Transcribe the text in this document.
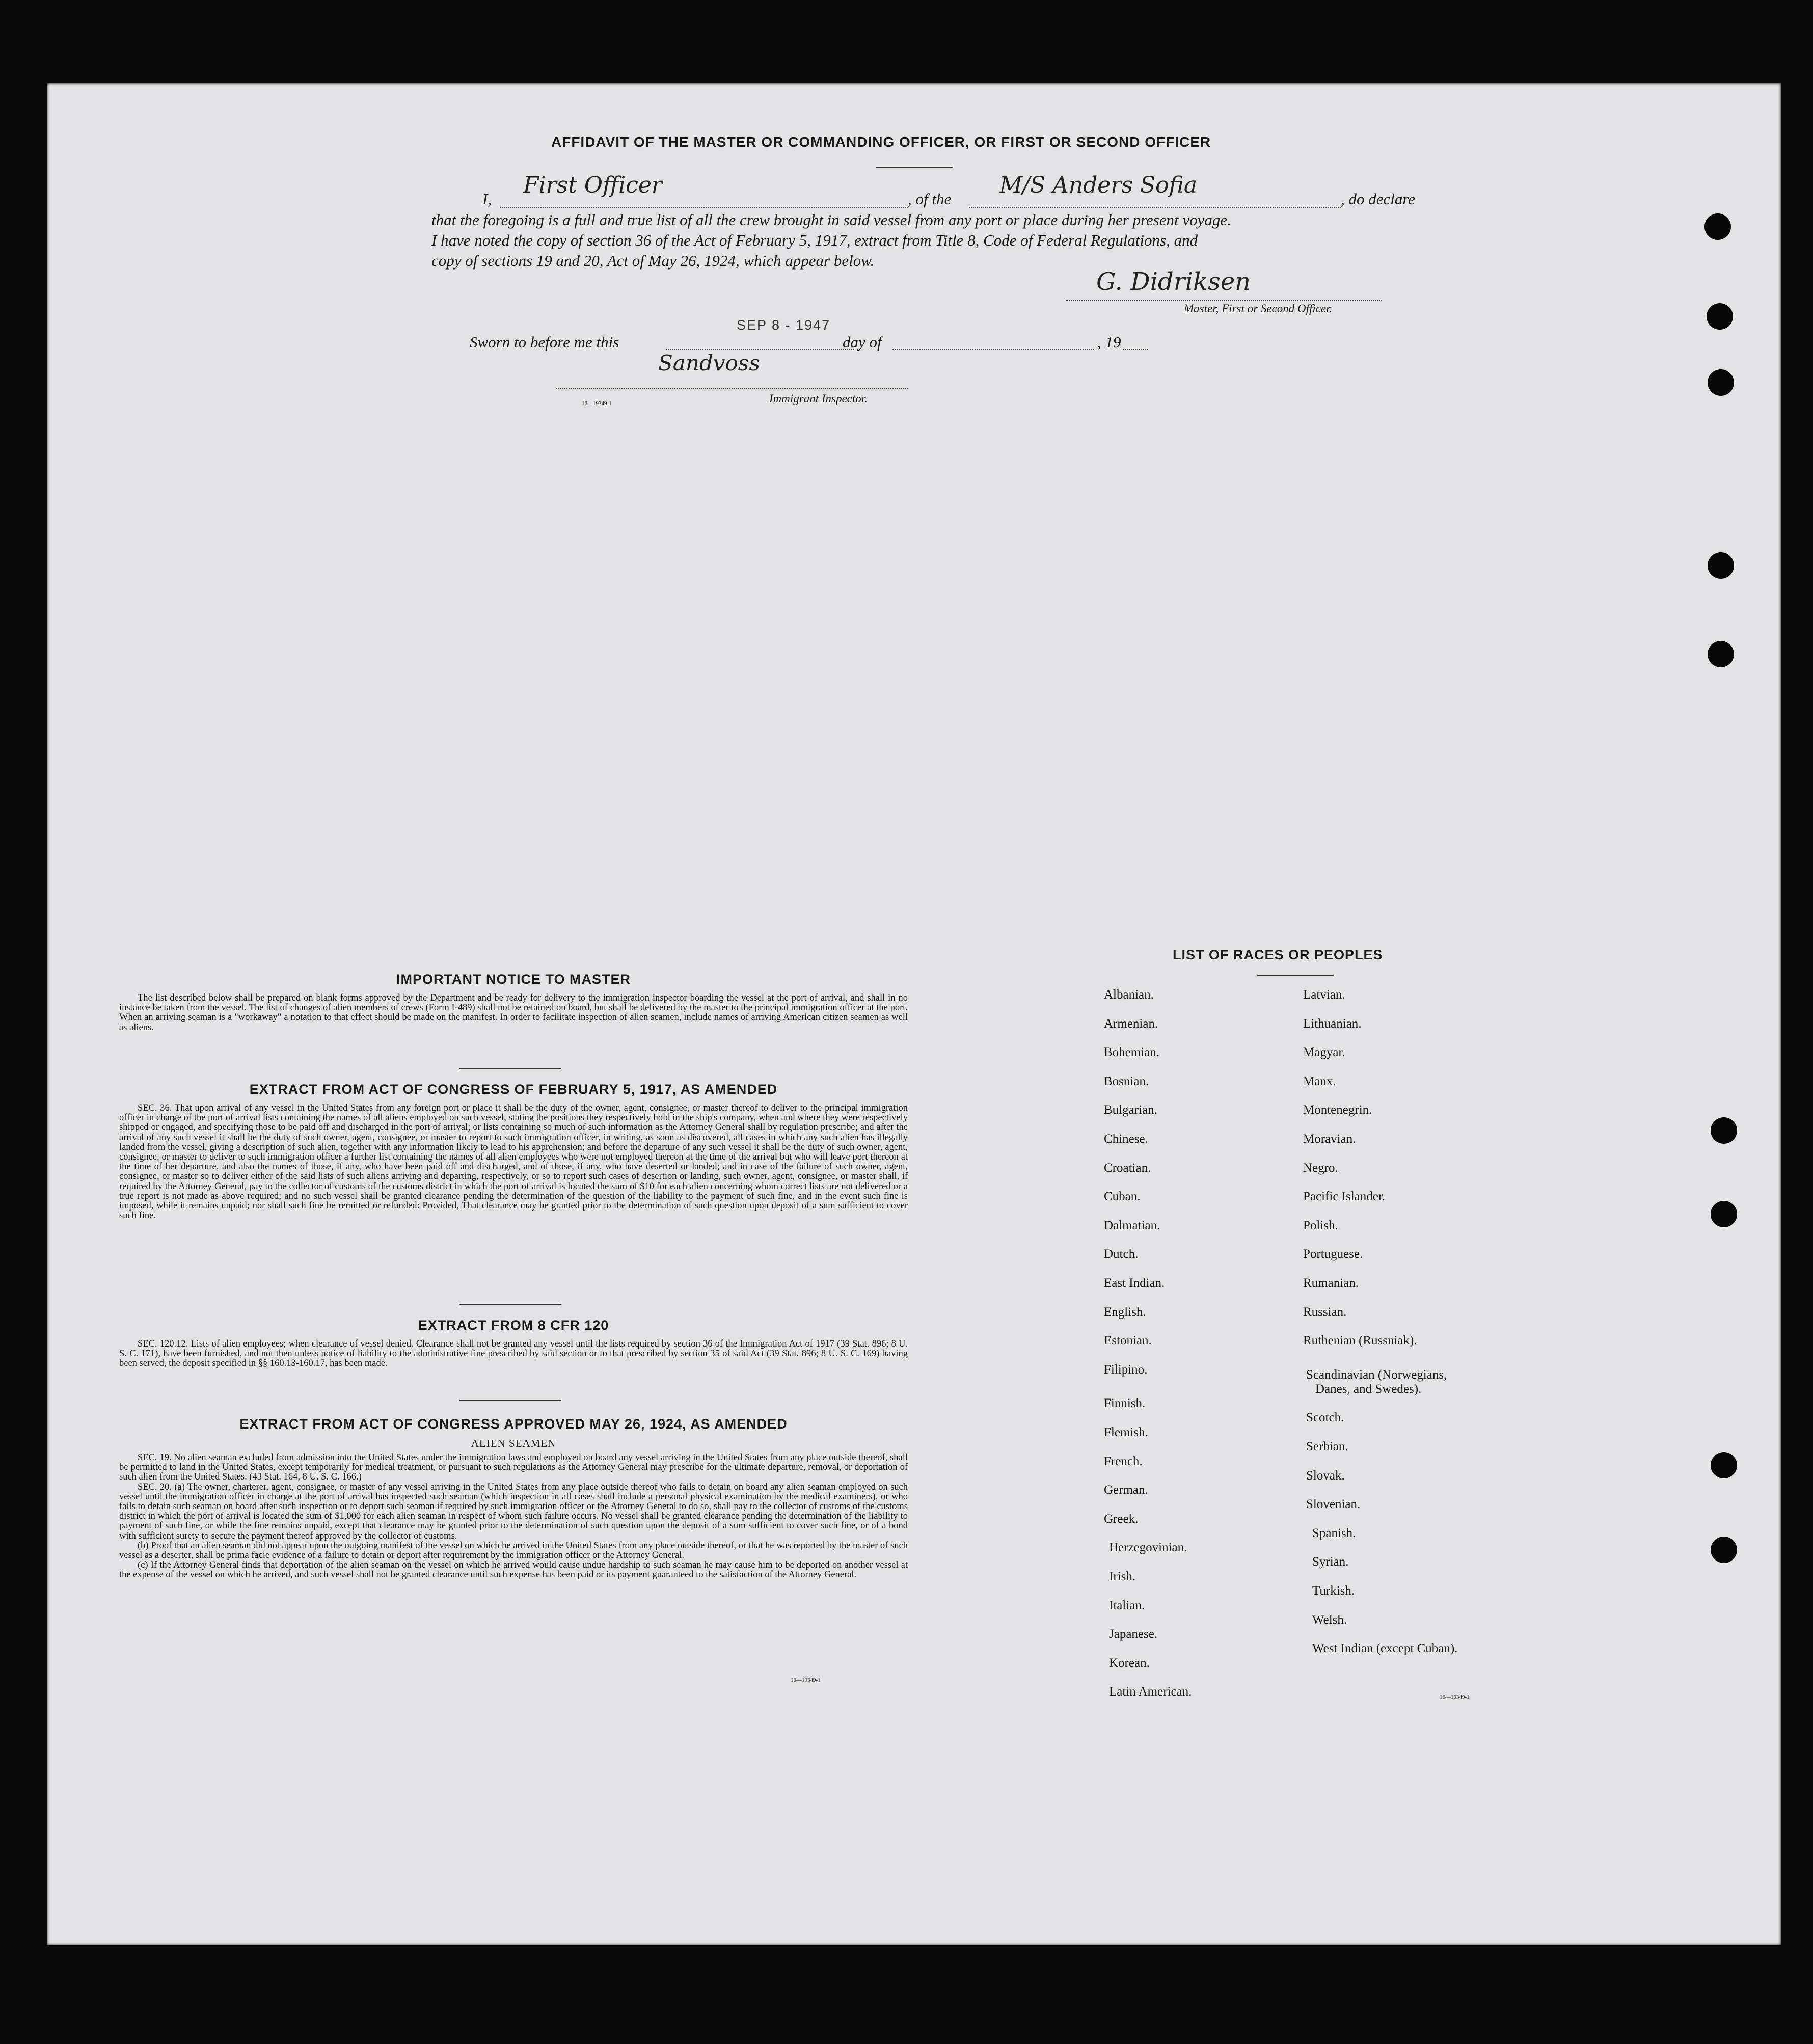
AFFIDAVIT OF THE MASTER OR COMMANDING OFFICER, OR FIRST OR SECOND OFFICER
I,
First Officer
, of the
M/S Anders Sofia
, do declare
that the foregoing is a full and true list of all the crew brought in said vessel from any port or place during her present voyage.
I have noted the copy of section 36 of the Act of February 5, 1917, extract from Title 8, Code of Federal Regulations, and
copy of sections 19 and 20, Act of May 26, 1924, which appear below.
G. Didriksen
Master, First or Second Officer.
SEP 8 - 1947
Sworn to before me this	day of	, 19
Sandvoss
16—19349-1	Immigrant Inspector.
IMPORTANT NOTICE TO MASTER

The list described below shall be prepared on blank forms approved by the Department and be ready for delivery to the immigration inspector boarding the vessel at the port of arrival, and shall in no instance be taken from the vessel. The list of changes of alien members of crews (Form I-489) shall not be retained on board, but shall be delivered by the master to the principal immigration officer at the port. When an arriving seaman is a "workaway" a notation to that effect should be made on the manifest. In order to facilitate inspection of alien seamen, include names of arriving American citizen seamen as well as aliens.

EXTRACT FROM ACT OF CONGRESS OF FEBRUARY 5, 1917, AS AMENDED

SEC. 36. That upon arrival of any vessel in the United States from any foreign port or place it shall be the duty of the owner, agent, consignee, or master thereof to deliver to the principal immigration officer in charge of the port of arrival lists containing the names of all aliens employed on such vessel, stating the positions they respectively hold in the ship's company, when and where they were respectively shipped or engaged, and specifying those to be paid off and discharged in the port of arrival; or lists containing so much of such information as the Attorney General shall by regulation prescribe; and after the arrival of any such vessel it shall be the duty of such owner, agent, consignee, or master to report to such immigration officer, in writing, as soon as discovered, all cases in which any such alien has illegally landed from the vessel, giving a description of such alien, together with any information likely to lead to his apprehension; and before the departure of any such vessel it shall be the duty of such owner, agent, consignee, or master to deliver to such immigration officer a further list containing the names of all alien employees who were not employed thereon at the time of the arrival but who will leave port thereon at the time of her departure, and also the names of those, if any, who have been paid off and discharged, and of those, if any, who have deserted or landed; and in case of the failure of such owner, agent, consignee, or master so to deliver either of the said lists of such aliens arriving and departing, respectively, or so to report such cases of desertion or landing, such owner, agent, consignee, or master shall, if required by the Attorney General, pay to the collector of customs of the customs district in which the port of arrival is located the sum of $10 for each alien concerning whom correct lists are not delivered or a true report is not made as above required; and no such vessel shall be granted clearance pending the determination of the question of the liability to the payment of such fine, and in the event such fine is imposed, while it remains unpaid; nor shall such fine be remitted or refunded: Provided, That clearance may be granted prior to the determination of such question upon deposit of a sum sufficient to cover such fine.

EXTRACT FROM 8 CFR 120

SEC. 120.12. Lists of alien employees; when clearance of vessel denied. Clearance shall not be granted any vessel until the lists required by section 36 of the Immigration Act of 1917 (39 Stat. 896; 8 U. S. C. 171), have been furnished, and not then unless notice of liability to the administrative fine prescribed by said section or to that prescribed by section 35 of said Act (39 Stat. 896; 8 U. S. C. 169) having been served, the deposit specified in §§ 160.13-160.17, has been made.

EXTRACT FROM ACT OF CONGRESS APPROVED MAY 26, 1924, AS AMENDED
ALIEN SEAMEN

SEC. 19. No alien seaman excluded from admission into the United States under the immigration laws and employed on board any vessel arriving in the United States from any place outside thereof, shall be permitted to land in the United States, except temporarily for medical treatment, or pursuant to such regulations as the Attorney General may prescribe for the ultimate departure, removal, or deportation of such alien from the United States. (43 Stat. 164, 8 U. S. C. 166.)

SEC. 20. (a) The owner, charterer, agent, consignee, or master of any vessel arriving in the United States from any place outside thereof who fails to detain on board any alien seaman employed on such vessel until the immigration officer in charge at the port of arrival has inspected such seaman (which inspection in all cases shall include a personal physical examination by the medical examiners), or who fails to detain such seaman on board after such inspection or to deport such seaman if required by such immigration officer or the Attorney General to do so, shall pay to the collector of customs of the customs district in which the port of arrival is located the sum of $1,000 for each alien seaman in respect of whom such failure occurs. No vessel shall be granted clearance pending the determination of the liability to payment of such fine, or while the fine remains unpaid, except that clearance may be granted prior to the determination of such question upon the deposit of a sum sufficient to cover such fine, or of a bond with sufficient surety to secure the payment thereof approved by the collector of customs.

(b) Proof that an alien seaman did not appear upon the outgoing manifest of the vessel on which he arrived in the United States from any place outside thereof, or that he was reported by the master of such vessel as a deserter, shall be prima facie evidence of a failure to detain or deport after requirement by the immigration officer or the Attorney General.

(c) If the Attorney General finds that deportation of the alien seaman on the vessel on which he arrived would cause undue hardship to such seaman he may cause him to be deported on another vessel at the expense of the vessel on which he arrived, and such vessel shall not be granted clearance until such expense has been paid or its payment guaranteed to the satisfaction of the Attorney General.

16—19349-1
LIST OF RACES OR PEOPLES
16—19349-1
Albanian.
Armenian.
Bohemian.
Bosnian.
Bulgarian.
Chinese.
Croatian.
Cuban.
Dalmatian.
Dutch.
East Indian.
English.
Estonian.
Filipino.
Finnish.
Flemish.
French.
German.
Greek.
Herzegovinian.
Irish.
Italian.
Japanese.
Korean.
Latin American.
Latvian.
Lithuanian.
Magyar.
Manx.
Montenegrin.
Moravian.
Negro.
Pacific Islander.
Polish.
Portuguese.
Rumanian.
Russian.
Ruthenian (Russniak).
Scandinavian (Norwegians,
Danes, and Swedes).
Scotch.
Serbian.
Slovak.
Slovenian.
Spanish.
Syrian.
Turkish.
Welsh.
West Indian (except Cuban).
